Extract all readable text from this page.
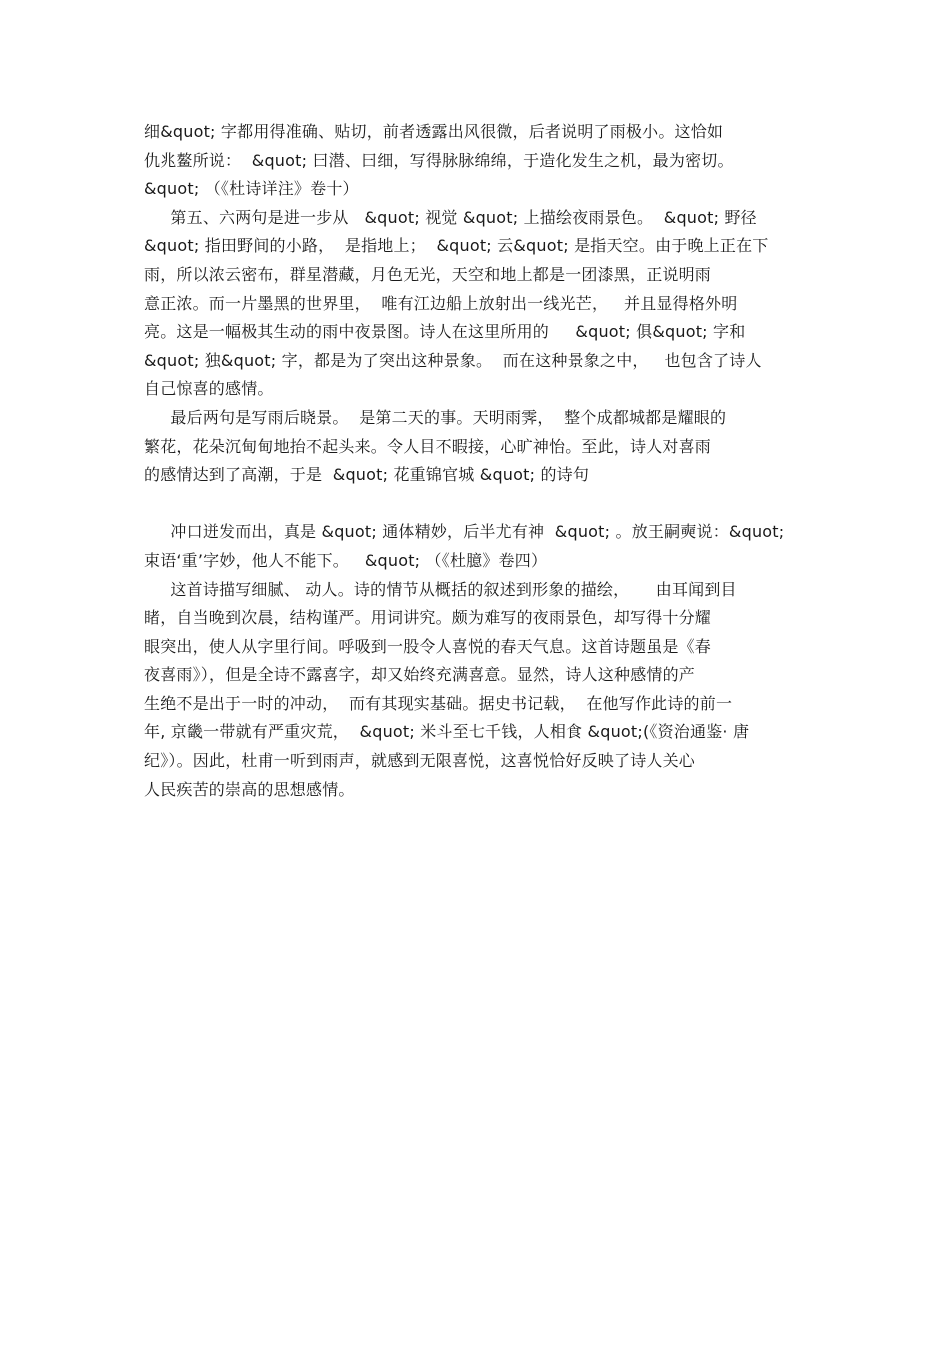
细&quot; 字都用得准确、贴切，前者透露出风很微，后者说明了雨极小。这恰如
仇兆鳌所说：  &quot; 曰潜、曰细，写得脉脉绵绵，于造化发生之机，最为密切。
&quot; （《杜诗详注》卷十）
第五、六两句是进一步从   &quot; 视觉 &quot; 上描绘夜雨景色。  &quot; 野径
&quot; 指田野间的小路，  是指地上；  &quot; 云&quot; 是指天空。由于晚上正在下
雨，所以浓云密布，群星潜藏，月色无光，天空和地上都是一团漆黑，正说明雨
意正浓。而一片墨黑的世界里，  唯有江边船上放射出一线光芒，   并且显得格外明
亮。这是一幅极其生动的雨中夜景图。诗人在这里所用的     &quot; 俱&quot; 字和
&quot; 独&quot; 字，都是为了突出这种景象。  而在这种景象之中，   也包含了诗人
自己惊喜的感情。
最后两句是写雨后晓景。  是第二天的事。天明雨霁，  整个成都城都是耀眼的
繁花，花朵沉甸甸地抬不起头来。令人目不暇接，心旷神怡。至此，诗人对喜雨
的感情达到了高潮，于是  &quot; 花重锦官城 &quot; 的诗句
冲口迸发而出，真是 &quot; 通体精妙，后半尤有神  &quot; 。放王嗣奭说：&quot;
束语‘重’字妙，他人不能下。   &quot; （《杜臆》卷四）
这首诗描写细腻、 动人。诗的情节从概括的叙述到形象的描绘，     由耳闻到目
睹，自当晚到次晨，结构谨严。用词讲究。颇为难写的夜雨景色，却写得十分耀
眼突出，使人从字里行间。呼吸到一股令人喜悦的春天气息。这首诗题虽是《春
夜喜雨》），但是全诗不露喜字，却又始终充满喜意。显然，诗人这种感情的产
生绝不是出于一时的冲动，  而有其现实基础。据史书记载，  在他写作此诗的前一
年, 京畿一带就有严重灾荒，  &quot; 米斗至七千钱，人相食 &quot;(《资治通鉴· 唐
纪》）。因此，杜甫一听到雨声，就感到无限喜悦，这喜悦恰好反映了诗人关心
人民疾苦的崇高的思想感情。
